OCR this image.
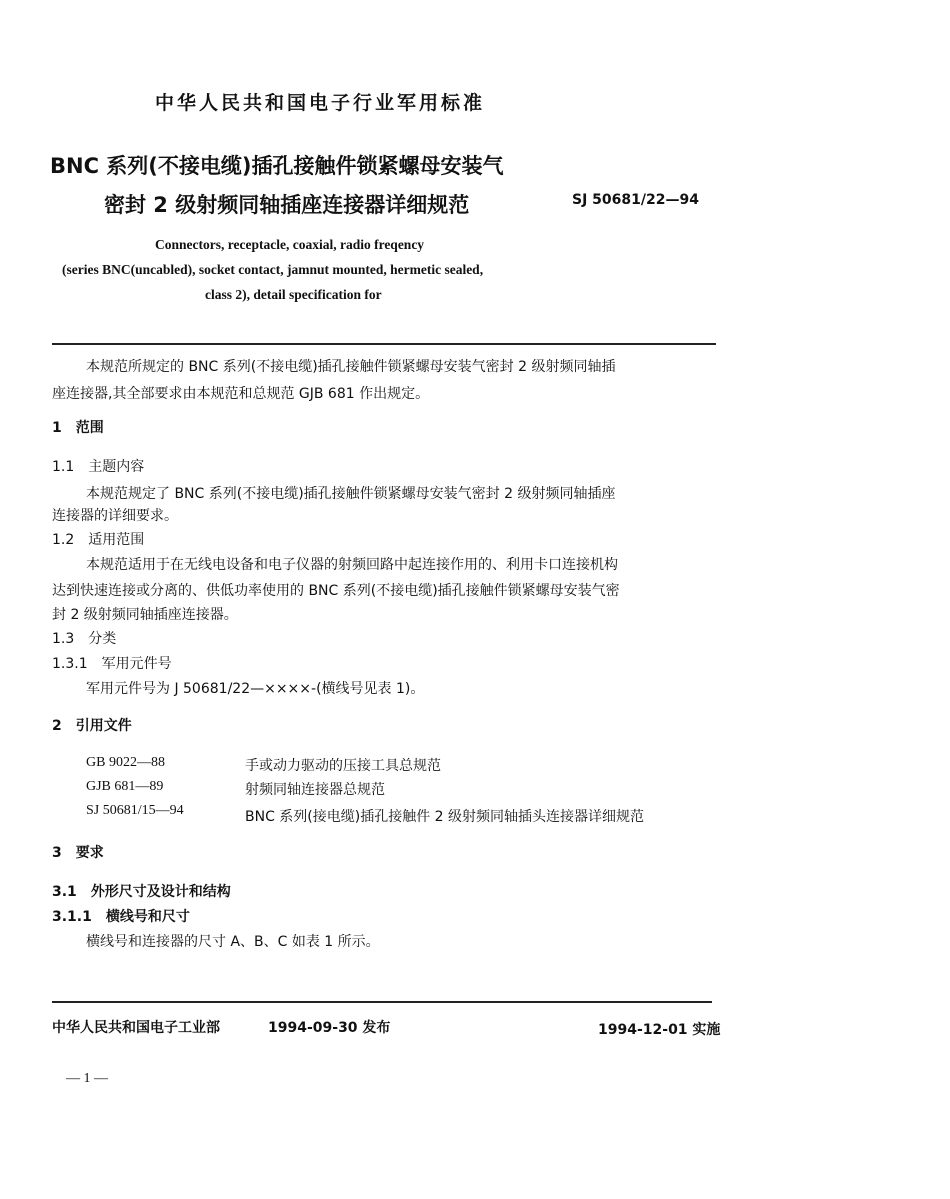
中华人民共和国电子行业军用标准
BNC 系列(不接电缆)插孔接触件锁紧螺母安装气
密封 2 级射频同轴插座连接器详细规范	SJ 50681/22—94
Connectors, receptacle, coaxial, radio freqency
(series BNC(uncabled), socket contact, jamnut mounted, hermetic sealed,
class 2), detail specification for
本规范所规定的 BNC 系列(不接电缆)插孔接触件锁紧螺母安装气密封 2 级射频同轴插
座连接器,其全部要求由本规范和总规范 GJB 681 作出规定。
1 范围
1.1 主题内容
本规范规定了 BNC 系列(不接电缆)插孔接触件锁紧螺母安装气密封 2 级射频同轴插座
连接器的详细要求。
1.2 适用范围
本规范适用于在无线电设备和电子仪器的射频回路中起连接作用的、利用卡口连接机构
达到快速连接或分离的、供低功率使用的 BNC 系列(不接电缆)插孔接触件锁紧螺母安装气密
封 2 级射频同轴插座连接器。
1.3 分类
1.3.1 军用元件号
军用元件号为 J 50681/22—××××-(横线号见表 1)。
2 引用文件
GB 9022—88	手或动力驱动的压接工具总规范
GJB 681—89	射频同轴连接器总规范
SJ 50681/15—94	BNC 系列(接电缆)插孔接触件 2 级射频同轴插头连接器详细规范
3 要求
3.1 外形尺寸及设计和结构
3.1.1 横线号和尺寸
横线号和连接器的尺寸 A、B、C 如表 1 所示。
中华人民共和国电子工业部	1994-09-30 发布	1994-12-01 实施
— 1 —
